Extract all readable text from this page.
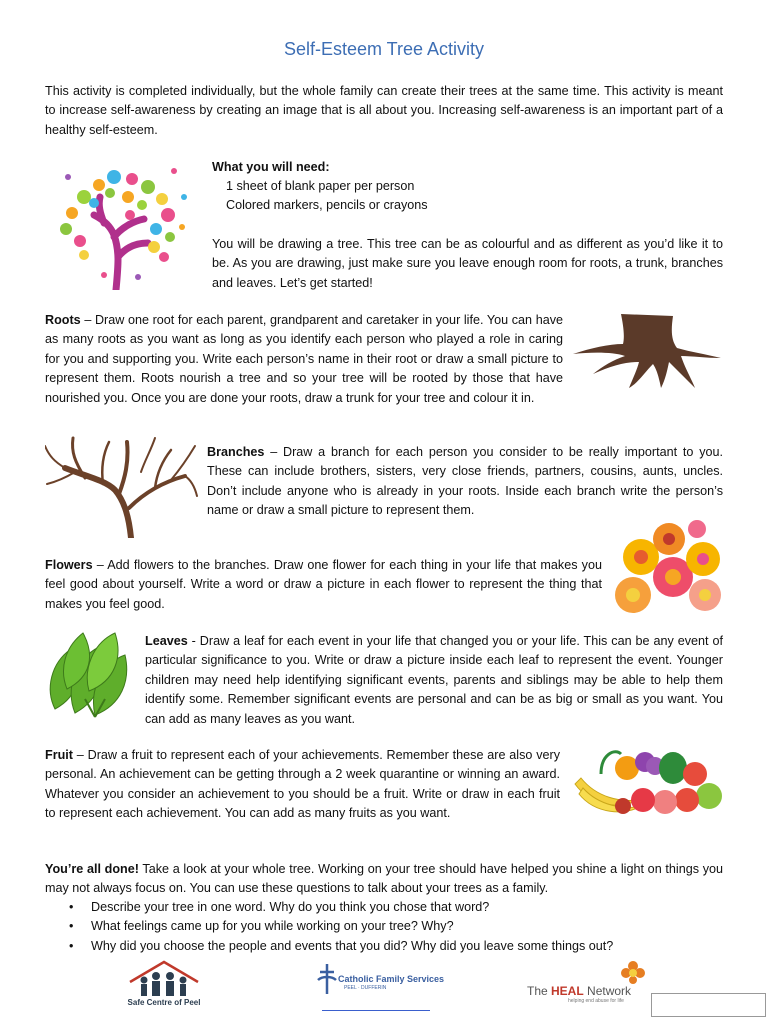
Self-Esteem Tree Activity
This activity is completed individually, but the whole family can create their trees at the same time. This activity is meant to increase self-awareness by creating an image that is all about you. Increasing self-awareness is an important part of a healthy self-esteem.
What you will need:
1 sheet of blank paper per person
Colored markers, pencils or crayons
You will be drawing a tree. This tree can be as colourful and as different as you’d like it to be. As you are drawing, just make sure you leave enough room for roots, a trunk, branches and leaves. Let’s get started!
Roots – Draw one root for each parent, grandparent and caretaker in your life. You can have as many roots as you want as long as you identify each person who played a role in caring for you and supporting you. Write each person’s name in their root or draw a small picture to represent them. Roots nourish a tree and so your tree will be rooted by those that have nourished you. Once you are done your roots, draw a trunk for your tree and colour it in.
Branches – Draw a branch for each person you consider to be really important to you. These can include brothers, sisters, very close friends, partners, cousins, aunts, uncles. Don’t include anyone who is already in your roots. Inside each branch write the person’s name or draw a small picture to represent them.
Flowers – Add flowers to the branches. Draw one flower for each thing in your life that makes you feel good about yourself. Write a word or draw a picture in each flower to represent the thing that makes you feel good.
Leaves - Draw a leaf for each event in your life that changed you or your life. This can be any event of particular significance to you. Write or draw a picture inside each leaf to represent the event. Younger children may need help identifying significant events, parents and siblings may be able to help them identify some. Remember significant events are personal and can be as big or small as you want. You can add as many leaves as you want.
Fruit – Draw a fruit to represent each of your achievements. Remember these are also very personal. An achievement can be getting through a 2 week quarantine or winning an award. Whatever you consider an achievement to you should be a fruit. Write or draw in each fruit to represent each achievement. You can add as many fruits as you want.
You’re all done! Take a look at your whole tree. Working on your tree should have helped you shine a light on things you may not always focus on. You can use these questions to talk about your trees as a family.
• Describe your tree in one word. Why do you think you chose that word?
• What feelings came up for you while working on your tree? Why?
• Why did you choose the people and events that you did? Why did you leave some things out?
Safe Centre of Peel
Catholic Family Services
PEEL · DUFFERIN	The HEAL Network
helping end abuse for life
